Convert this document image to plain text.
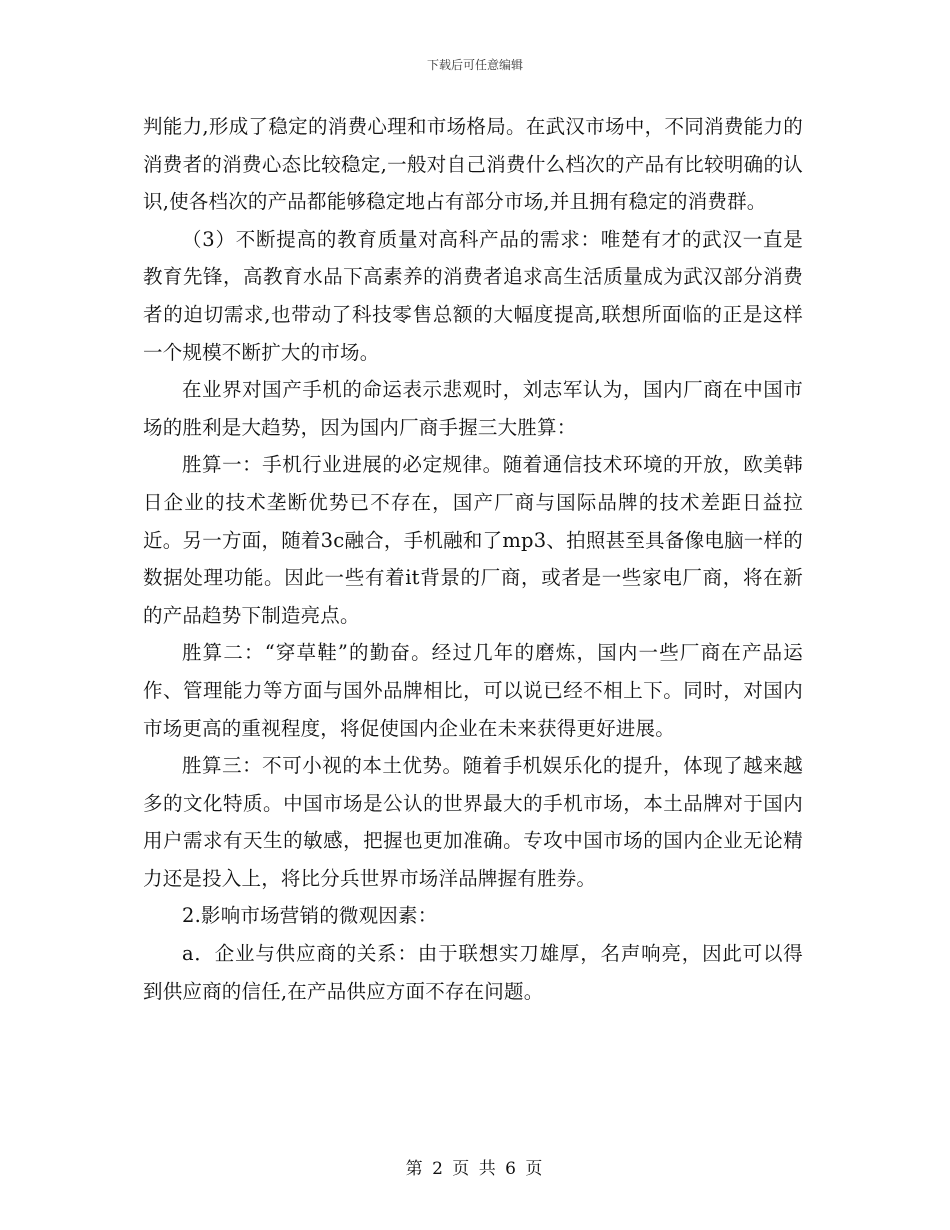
下载后可任意编辑

判能力,形成了稳定的消费心理和市场格局。在武汉市场中，不同消费能力的消费者的消费心态比较稳定,一般对自己消费什么档次的产品有比较明确的认识,使各档次的产品都能够稳定地占有部分市场,并且拥有稳定的消费群。

（3）不断提高的教育质量对高科产品的需求：唯楚有才的武汉一直是教育先锋，高教育水品下高素养的消费者追求高生活质量成为武汉部分消费者的迫切需求,也带动了科技零售总额的大幅度提高,联想所面临的正是这样一个规模不断扩大的市场。

在业界对国产手机的命运表示悲观时，刘志军认为，国内厂商在中国市场的胜利是大趋势，因为国内厂商手握三大胜算：

胜算一：手机行业进展的必定规律。随着通信技术环境的开放，欧美韩日企业的技术垄断优势已不存在，国产厂商与国际品牌的技术差距日益拉近。另一方面，随着3c融合，手机融和了mp3、拍照甚至具备像电脑一样的数据处理功能。因此一些有着it背景的厂商，或者是一些家电厂商，将在新的产品趋势下制造亮点。

胜算二：“穿草鞋”的勤奋。经过几年的磨炼，国内一些厂商在产品运作、管理能力等方面与国外品牌相比，可以说已经不相上下。同时，对国内市场更高的重视程度，将促使国内企业在未来获得更好进展。

胜算三：不可小视的本土优势。随着手机娱乐化的提升，体现了越来越多的文化特质。中国市场是公认的世界最大的手机市场，本土品牌对于国内用户需求有天生的敏感，把握也更加准确。专攻中国市场的国内企业无论精力还是投入上，将比分兵世界市场洋品牌握有胜券。

2.影响市场营销的微观因素：

a．企业与供应商的关系：由于联想实刀雄厚，名声响亮，因此可以得到供应商的信任,在产品供应方面不存在问题。

第 2 页 共 6 页
